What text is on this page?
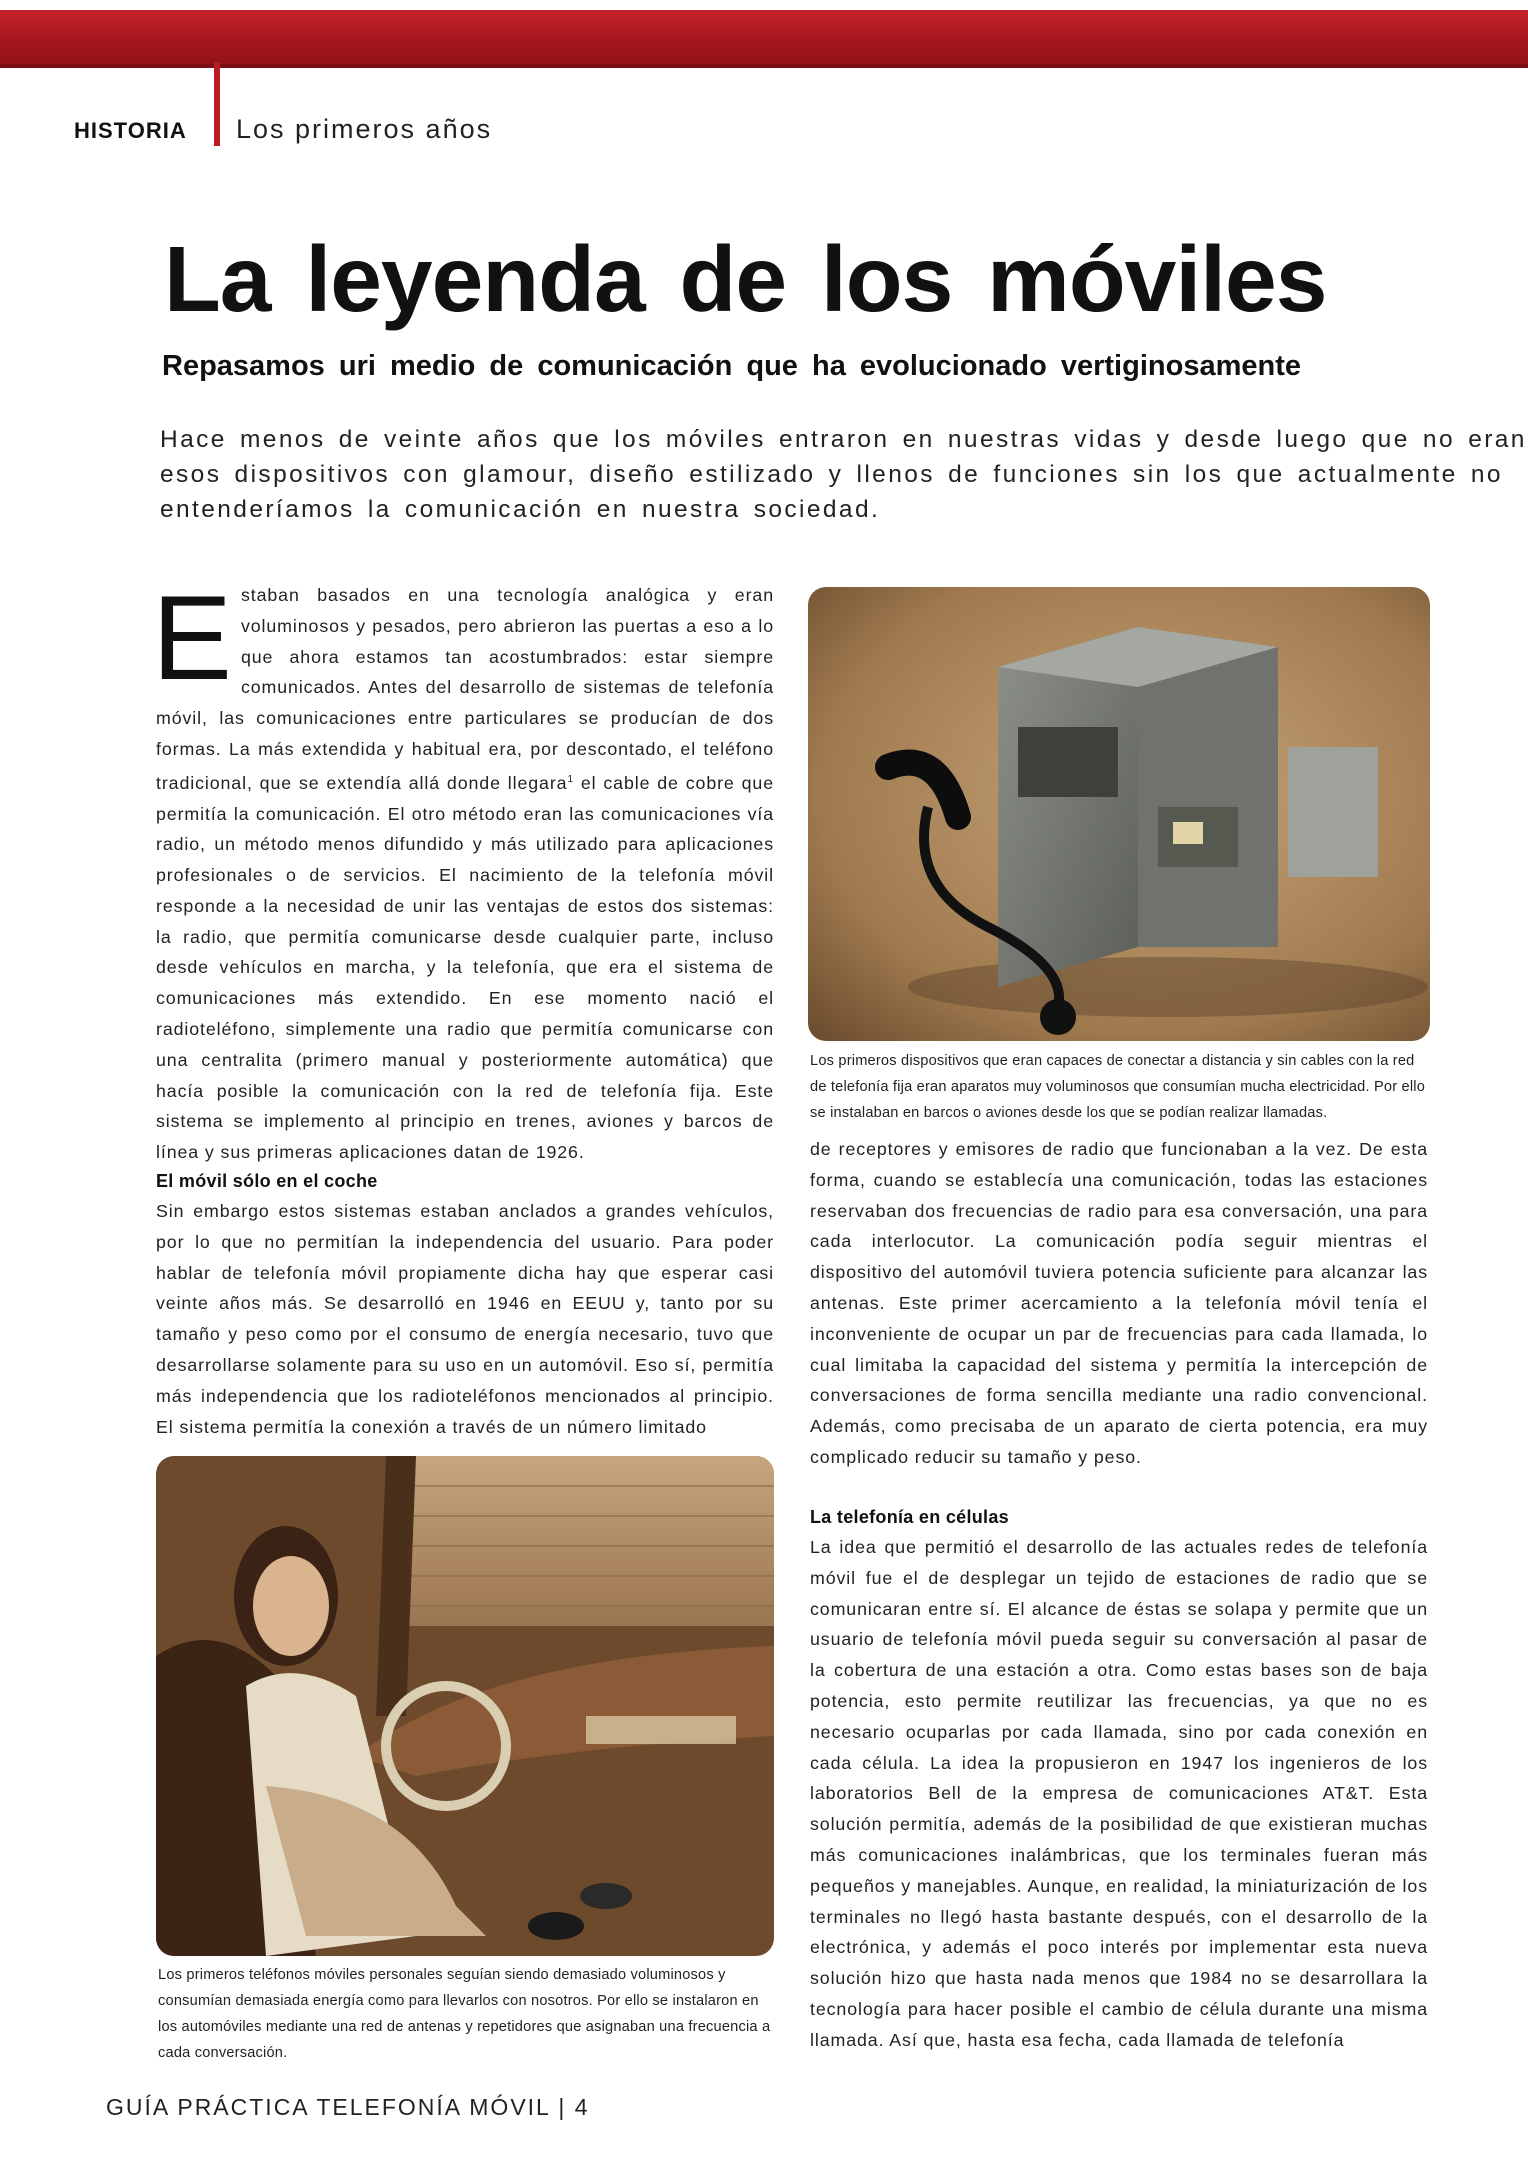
HISTORIA Los primeros años
La leyenda de los móviles
Repasamos uri medio de comunicación que ha evolucionado vertiginosamente
Hace menos de veinte años que los móviles entraron en nuestras vidas y desde luego que no eran
esos dispositivos con glamour, diseño estilizado y llenos de funciones sin los que actualmente no
entenderíamos la comunicación en nuestra sociedad.

Estaban basados en una tecnología analógica y eran voluminosos y pesados, pero abrieron las puertas a eso a lo que ahora estamos tan acostumbrados: estar siempre comunicados. Antes del desarrollo de sistemas de telefonía móvil, las comunicaciones entre particulares se producían de dos formas. La más extendida y habitual era, por descontado, el teléfono tradicional, que se extendía allá donde llegara$^1$ el cable de cobre que permitía la comunicación. El otro método eran las comunicaciones vía radio, un método menos difundido y más utilizado para aplicaciones profesionales o de servicios. El nacimiento de la telefonía móvil responde a la necesidad de unir las ventajas de estos dos sistemas: la radio, que permitía comunicarse desde cualquier parte, incluso desde vehículos en marcha, y la telefonía, que era el sistema de comunicaciones más extendido. En ese momento nació el radioteléfono, simplemente una radio que permitía comunicarse con una centralita (primero manual y posteriormente automática) que hacía posible la comunicación con la red de telefonía fija. Este sistema se implemento al principio en trenes, aviones y barcos de línea y sus primeras aplicaciones datan de 1926.

El móvil sólo en el coche

Sin embargo estos sistemas estaban anclados a grandes vehículos, por lo que no permitían la independencia del usuario. Para poder hablar de telefonía móvil propiamente dicha hay que esperar casi veinte años más. Se desarrolló en 1946 en EEUU y, tanto por su tamaño y peso como por el consumo de energía necesario, tuvo que desarrollarse solamente para su uso en un automóvil. Eso sí, permitía más independencia que los radioteléfonos mencionados al principio. El sistema permitía la conexión a través de un número limitado

Los primeros dispositivos que eran capaces de conectar a distancia y sin cables con la red de telefonía fija eran aparatos muy voluminosos que consumían mucha electricidad. Por ello se instalaban en barcos o aviones desde los que se podían realizar llamadas.

de receptores y emisores de radio que funcionaban a la vez. De esta forma, cuando se establecía una comunicación, todas las estaciones reservaban dos frecuencias de radio para esa conversación, una para cada interlocutor. La comunicación podía seguir mientras el dispositivo del automóvil tuviera potencia suficiente para alcanzar las antenas. Este primer acercamiento a la telefonía móvil tenía el inconveniente de ocupar un par de frecuencias para cada llamada, lo cual limitaba la capacidad del sistema y permitía la intercepción de conversaciones de forma sencilla mediante una radio convencional. Además, como precisaba de un aparato de cierta potencia, era muy complicado reducir su tamaño y peso.

La telefonía en células

La idea que permitió el desarrollo de las actuales redes de telefonía móvil fue el de desplegar un tejido de estaciones de radio que se comunicaran entre sí. El alcance de éstas se solapa y permite que un usuario de telefonía móvil pueda seguir su conversación al pasar de la cobertura de una estación a otra. Como estas bases son de baja potencia, esto permite reutilizar las frecuencias, ya que no es necesario ocuparlas por cada llamada, sino por cada conexión en cada célula. La idea la propusieron en 1947 los ingenieros de los laboratorios Bell de la empresa de comunicaciones AT&T. Esta solución permitía, además de la posibilidad de que existieran muchas más comunicaciones inalámbricas, que los terminales fueran más pequeños y manejables. Aunque, en realidad, la miniaturización de los terminales no llegó hasta bastante después, con el desarrollo de la electrónica, y además el poco interés por implementar esta nueva solución hizo que hasta nada menos que 1984 no se desarrollara la tecnología para hacer posible el cambio de célula durante una misma llamada. Así que, hasta esa fecha, cada llamada de telefonía

Los primeros teléfonos móviles personales seguían siendo demasiado voluminosos y consumían demasiada energía como para llevarlos con nosotros. Por ello se instalaron en los automóviles mediante una red de antenas y repetidores que asignaban una frecuencia a cada conversación.
GUÍA PRÁCTICA TELEFONÍA MÓVIL | 4
